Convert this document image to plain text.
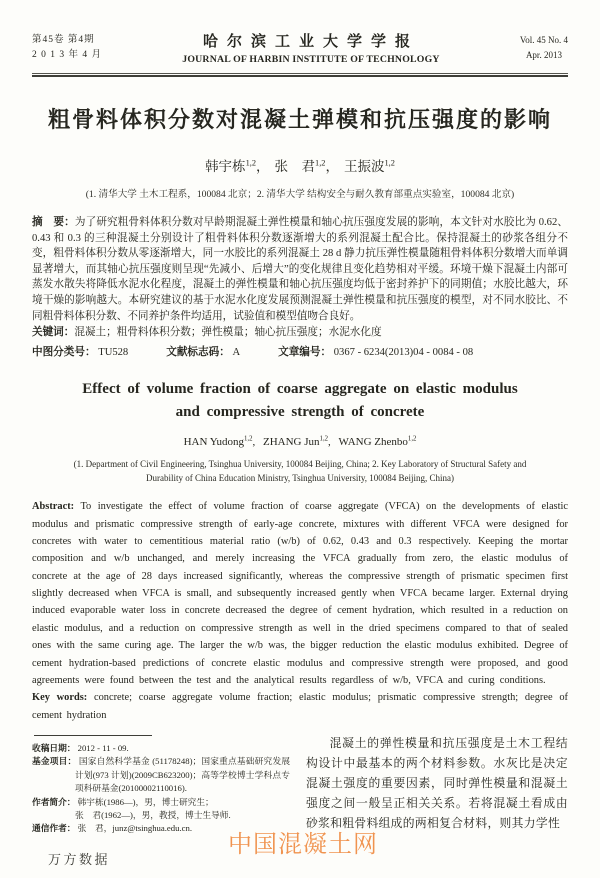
第45卷 第4期
2 0 1 3 年 4 月
哈尔滨工业大学学报
JOURNAL OF HARBIN INSTITUTE OF TECHNOLOGY
Vol. 45 No. 4
Apr. 2013
粗骨料体积分数对混凝土弹模和抗压强度的影响
韩宇栋$^{1,2}$， 张　君$^{1,2}$， 王振波$^{1,2}$
(1. 清华大学 土木工程系，100084 北京；2. 清华大学 结构安全与耐久教育部重点实验室，100084 北京)

摘　要：为了研究粗骨料体积分数对早龄期混凝土弹性模量和轴心抗压强度发展的影响，本文针对水胶比为 0.62、0.43 和 0.3 的三种混凝土分别设计了粗骨料体积分数逐渐增大的系列混凝土配合比。保持混凝土的砂浆各组分不变，粗骨料体积分数从零逐渐增大，同一水胶比的系列混凝土 28 d 静力抗压弹性模量随粗骨料体积分数增大而单调显著增大，而其轴心抗压强度则呈现“先减小、后增大”的变化规律且变化趋势相对平缓。环境干燥下混凝土内部可蒸发水散失将降低水泥水化程度，混凝土的弹性模量和轴心抗压强度均低于密封养护下的同期值；水胶比越大，环境干燥的影响越大。本研究建议的基于水泥水化度发展预测混凝土弹性模量和抗压强度的模型，对不同水胶比、不同粗骨料体积分数、不同养护条件均适用，试验值和模型值吻合良好。

关键词：混凝土；粗骨料体积分数；弹性模量；轴心抗压强度；水泥水化度

中图分类号： TU528	文献标志码： A	文章编号： 0367 - 6234(2013)04 - 0084 - 08
Effect of volume fraction of coarse aggregate on elastic modulus
and compressive strength of concrete
HAN Yudong$^{1,2}$, ZHANG Jun$^{1,2}$, WANG Zhenbo$^{1,2}$
(1. Department of Civil Engineering, Tsinghua University, 100084 Beijing, China; 2. Key Laboratory of Structural Safety and
Durability of China Education Ministry, Tsinghua University, 100084 Beijing, China)

Abstract: To investigate the effect of volume fraction of coarse aggregate (VFCA) on the developments of elastic modulus and prismatic compressive strength of early-age concrete, mixtures with different VFCA were designed for concretes with water to cementitious material ratio (w/b) of 0.62, 0.43 and 0.3 respectively. Keeping the mortar composition and w/b unchanged, and merely increasing the VFCA gradually from zero, the elastic modulus of concrete at the age of 28 days increased significantly, whereas the compressive strength of prismatic specimen first slightly decreased when VFCA is small, and subsequently increased gently when VFCA became larger. External drying induced evaporable water loss in concrete decreased the degree of cement hydration, which resulted in a reduction on elastic modulus, and a reduction on compressive strength as well in the dried specimens compared to that of sealed ones with the same curing age. The larger the w/b was, the bigger reduction the elastic modulus exhibited. Degree of cement hydration-based predictions of concrete elastic modulus and compressive strength were proposed, and good agreements were found between the test and the analytical results regardless of w/b, VFCA and curing conditions.

Key words: concrete; coarse aggregate volume fraction; elastic modulus; prismatic compressive strength; degree of cement hydration

收稿日期： 2012 - 11 - 09.
基金项目： 国家自然科学基金 (51178248)；国家重点基础研究发展计划(973 计划)(2009CB623200)；高等学校博士学科点专项科研基金(20100002110016).
作者简介： 韩宇栋(1986—)，男，博士研究生；
张　君(1962—)，男，教授，博士生导师.
通信作者： 张　君，junz@tsinghua.edu.cn.

混凝土的弹性模量和抗压强度是土木工程结构设计中最基本的两个材料参数。水灰比是决定混凝土强度的重要因素，同时弹性模量和混凝土强度之间一般呈正相关关系。若将混凝土看成由砂浆和粗骨料组成的两相复合材料，则其力学性

中国混凝土网
万方数据
